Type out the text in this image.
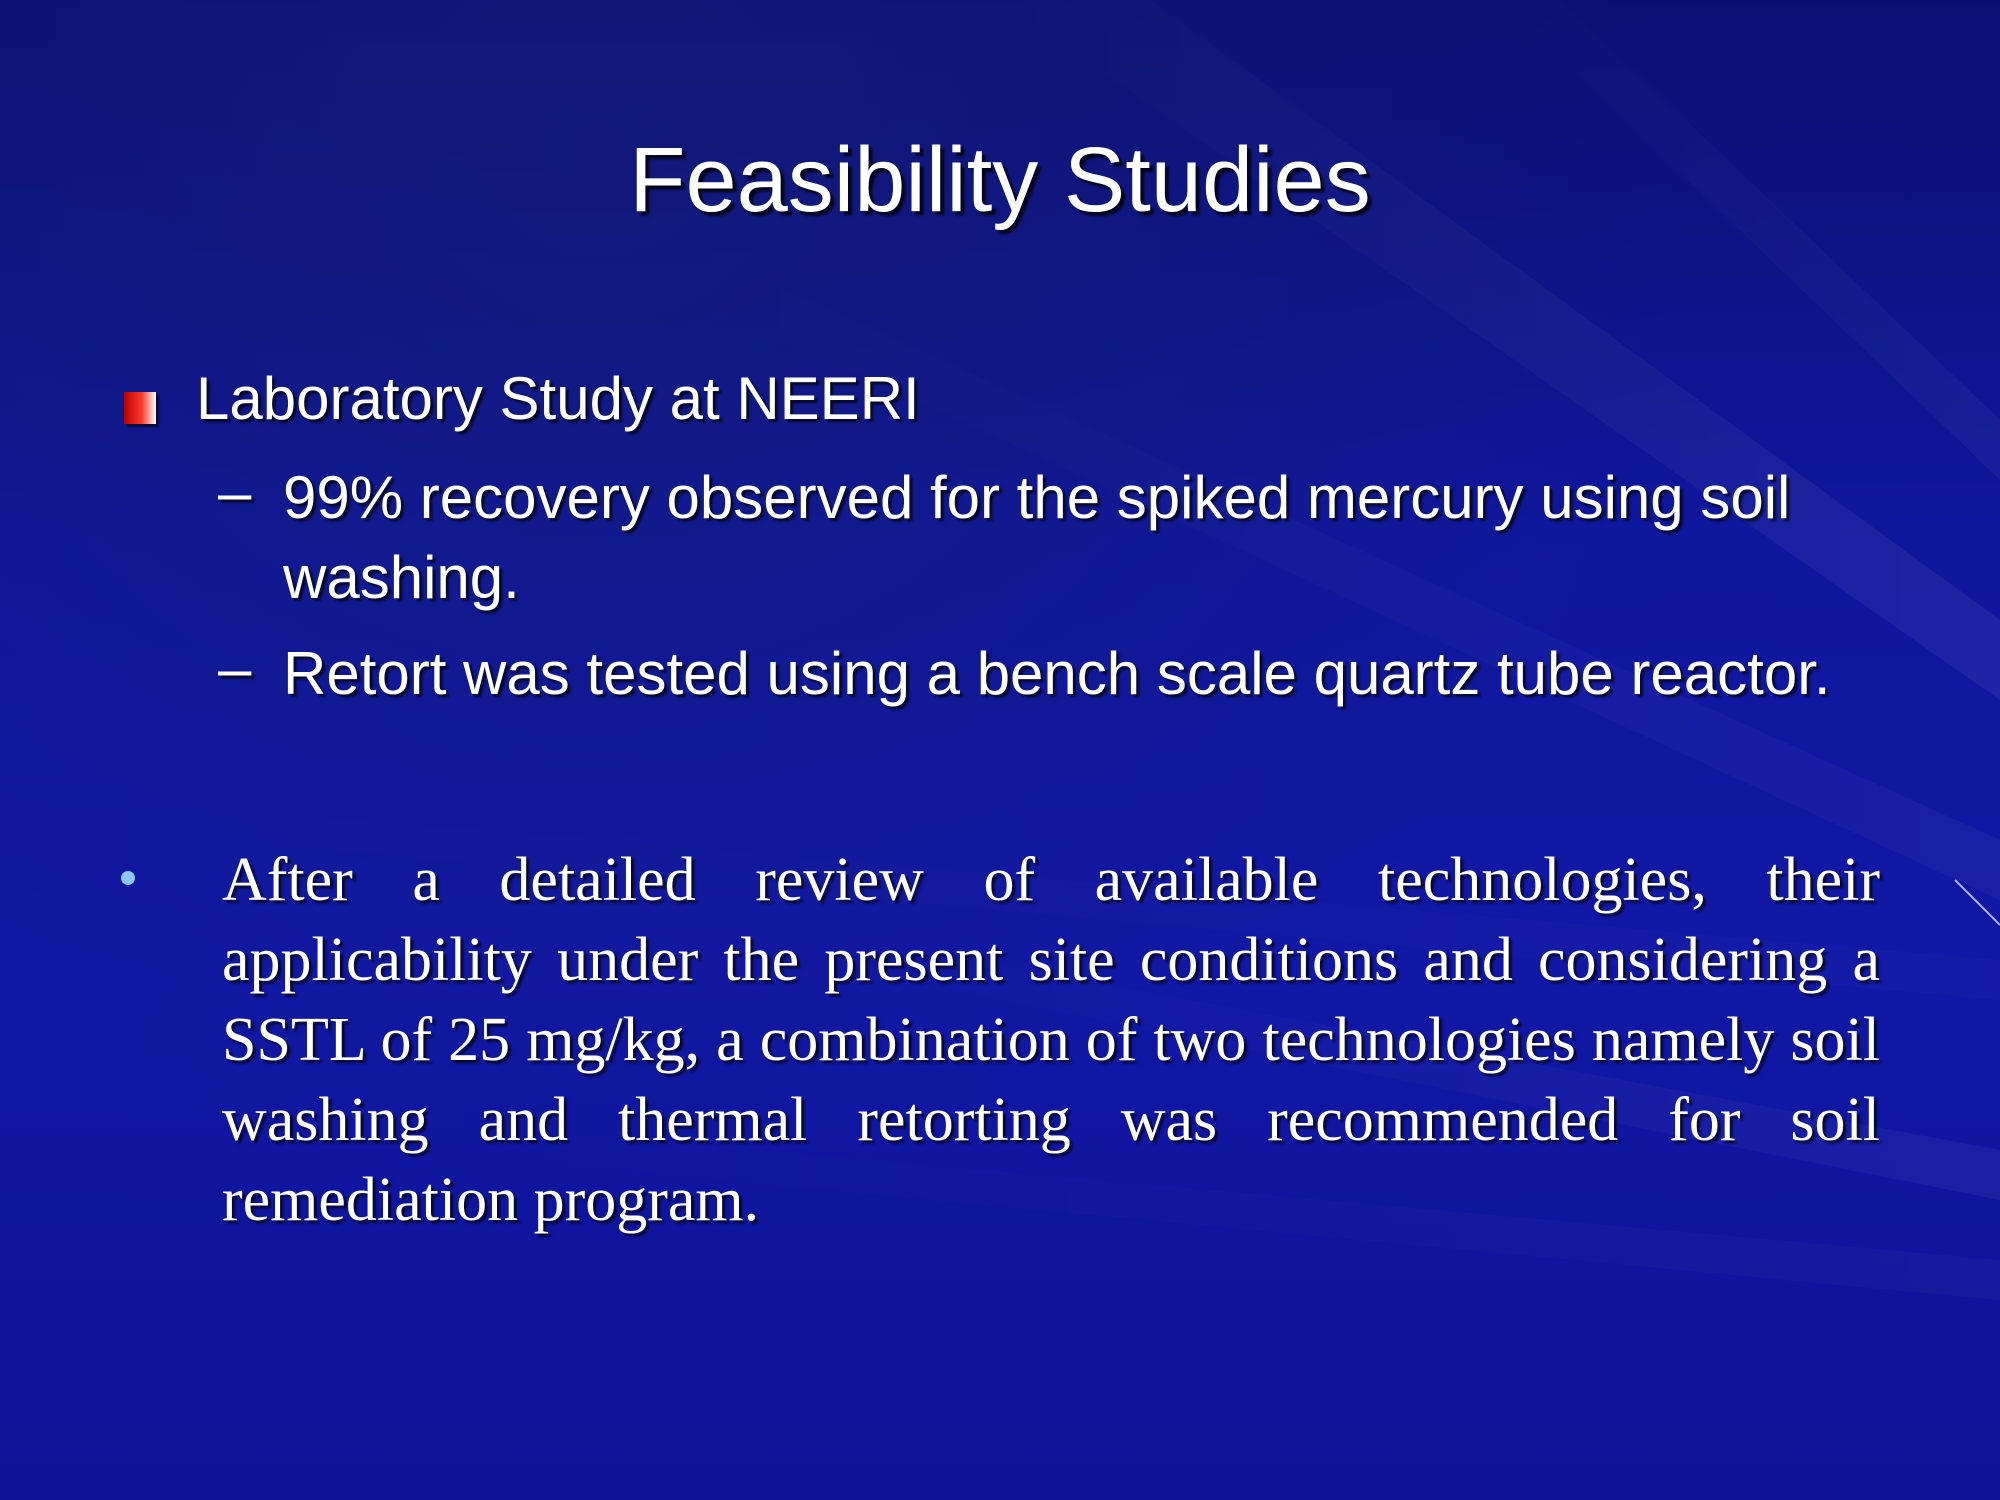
Feasibility Studies
Laboratory Study at NEERI
– 99% recovery observed for the spiked mercury using soil washing.
– Retort was tested using a bench scale quartz tube reactor.
After a detailed review of available technologies, their applicability under the present site conditions and considering a SSTL of 25 mg/kg, a combination of two technologies namely soil washing and thermal retorting was recommended for soil remediation program.
